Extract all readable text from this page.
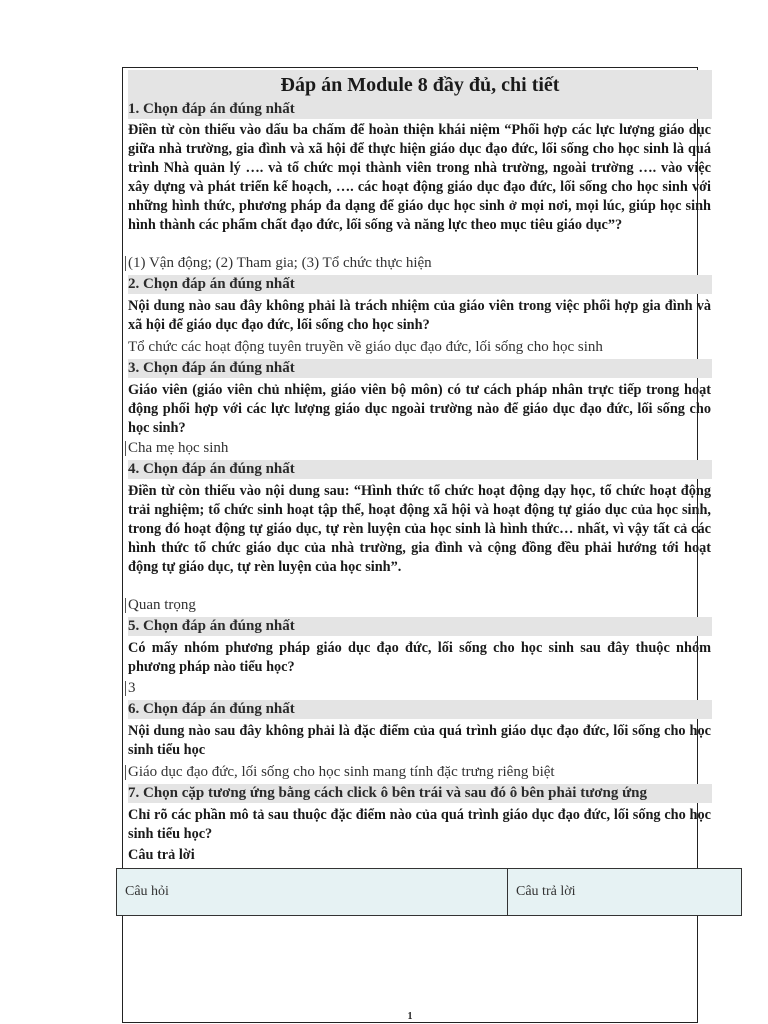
Đáp án Module 8 đầy đủ, chi tiết
1. Chọn đáp án đúng nhất
Điền từ còn thiếu vào dấu ba chấm để hoàn thiện khái niệm “Phối hợp các lực lượng giáo dục giữa nhà trường, gia đình và xã hội để thực hiện giáo dục đạo đức, lối sống cho học sinh là quá trình Nhà quản lý …. và tổ chức mọi thành viên trong nhà trường, ngoài trường …. vào việc xây dựng và phát triển kế hoạch, …. các hoạt động giáo dục đạo đức, lối sống cho học sinh với những hình thức, phương pháp đa dạng để giáo dục học sinh ở mọi nơi, mọi lúc, giúp học sinh hình thành các phẩm chất đạo đức, lối sống và năng lực theo mục tiêu giáo dục”?
(1) Vận động; (2) Tham gia; (3) Tổ chức thực hiện
2. Chọn đáp án đúng nhất
Nội dung nào sau đây không phải là trách nhiệm của giáo viên trong việc phối hợp gia đình và xã hội để giáo dục đạo đức, lối sống cho học sinh?
Tổ chức các hoạt động tuyên truyền về giáo dục đạo đức, lối sống cho học sinh
3. Chọn đáp án đúng nhất
Giáo viên (giáo viên chủ nhiệm, giáo viên bộ môn) có tư cách pháp nhân trực tiếp trong hoạt động phối hợp với các lực lượng giáo dục ngoài trường nào để giáo dục đạo đức, lối sống cho học sinh?
Cha mẹ học sinh
4. Chọn đáp án đúng nhất
Điền từ còn thiếu vào nội dung sau: “Hình thức tổ chức hoạt động dạy học, tổ chức hoạt động trải nghiệm; tổ chức sinh hoạt tập thể, hoạt động xã hội và hoạt động tự giáo dục của học sinh, trong đó hoạt động tự giáo dục, tự rèn luyện của học sinh là hình thức… nhất, vì vậy tất cả các hình thức tổ chức giáo dục của nhà trường, gia đình và cộng đồng đều phải hướng tới hoạt động tự giáo dục, tự rèn luyện của học sinh”.
Quan trọng
5. Chọn đáp án đúng nhất
Có mấy nhóm phương pháp giáo dục đạo đức, lối sống cho học sinh sau đây thuộc nhóm phương pháp nào tiểu học?
3
6. Chọn đáp án đúng nhất
Nội dung nào sau đây không phải là đặc điểm của quá trình giáo dục đạo đức, lối sống cho học sinh tiểu học
Giáo dục đạo đức, lối sống cho học sinh mang tính đặc trưng riêng biệt
7. Chọn cặp tương ứng bằng cách click ô bên trái và sau đó ô bên phải tương ứng
Chỉ rõ các phần mô tả sau thuộc đặc điểm nào của quá trình giáo dục đạo đức, lối sống cho học sinh tiểu học?
Câu trả lời
Câu hỏi	Câu trả lời
1
